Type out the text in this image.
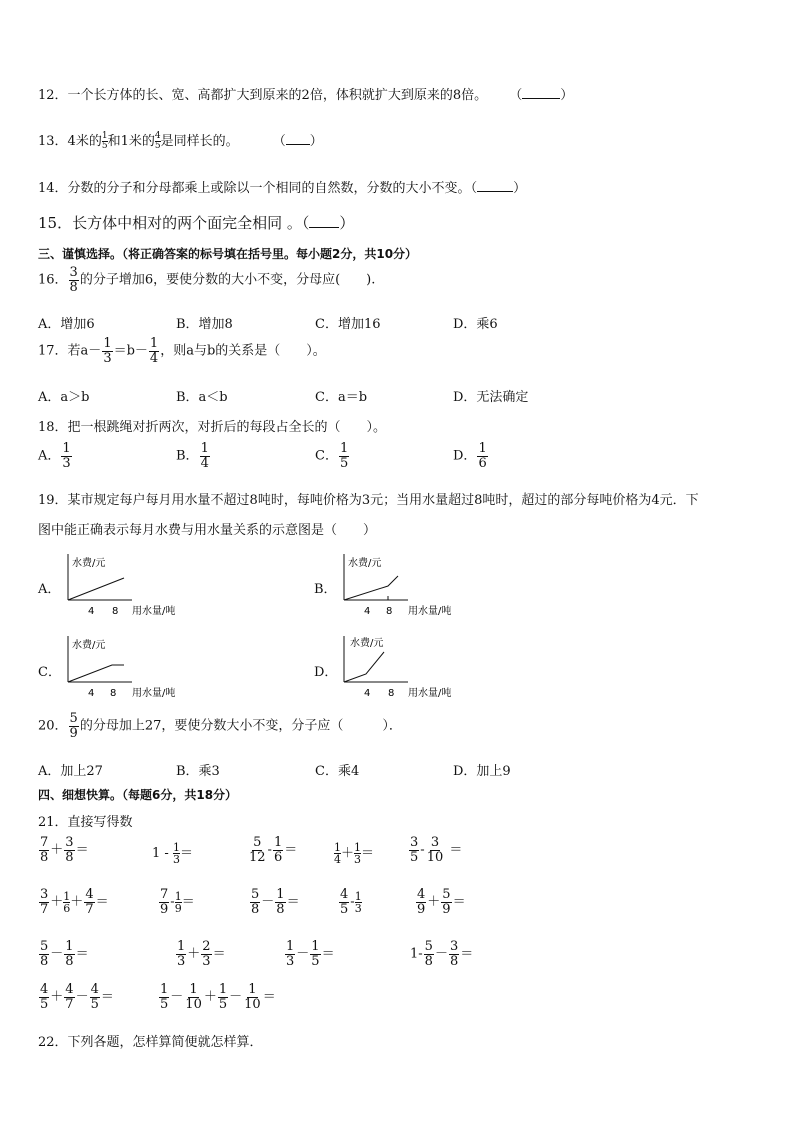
12．一个长方体的长、宽、高都扩大到原来的2倍，体积就扩大到原来的8倍。 （	）
13．4米的 $\frac{1}{5}$ 和1米的 $\frac{4}{5}$ 是同样长的。	（ ）
14．分数的分子和分母都乘上或除以一个相同的自然数，分数的大小不变。（	）
15．长方体中相对的两个面完全相同 。（ ）
三、谨慎选择。（将正确答案的标号填在括号里。每小题2分，共10分）
16． $\frac{3}{8}$ 的分子增加6，要使分数的大小不变，分母应(　　).
A．增加6	B．增加8	C．增加16	D．乘6
17．若$a- \frac{1}{3} =b- \frac{1}{4}$ ，则a与b的关系是（　　）。
A．a＞b	B．a＜b	C．a＝b	D．无法确定
18．把一根跳绳对折两次，对折后的每段占全长的（　　）。
A． $\frac{1}{3}$	B． $\frac{1}{4}$	C． $\frac{1}{5}$	D． $\frac{1}{6}$
19．某市规定每户每月用水量不超过8吨时，每吨价格为3元；当用水量超过8吨时，超过的部分每吨价格为4元．下
图中能正确表示每月水费与用水量关系的示意图是（　　）
A．
水费/元
4 8 用水量/吨
B．
水费/元
4 8 用水量/吨
C．
水费/元
4 8 用水量/吨
D．
水费/元
4 8 用水量/吨
20． $\frac{5}{9}$ 的分母加上27，要使分数大小不变，分子应（　　　）．
A．加上27	B．乘3	C．乘4	D．加上9
四、细想快算。（每题6分，共18分）
21．直接写得数
$\frac{7}{8} + \frac{3}{8}$ ＝	$1 - \frac{1}{3}$ ＝	$\frac{5}{12} - \frac{1}{6}$ ＝	$\frac{1}{4} + \frac{1}{3}$ ＝	$\frac{3}{5} - \frac{3}{10}$ ＝
$\frac{3}{7} + \frac{1}{6} + \frac{4}{7}$ ＝	$\frac{7}{9} - \frac{1}{9}$ ＝	$\frac{5}{8} - \frac{1}{8}$ ＝	$\frac{4}{5} - \frac{1}{3}$	$\frac{4}{9} + \frac{5}{9}$ ＝
$\frac{5}{8} - \frac{1}{8}$ ＝	$\frac{1}{3} + \frac{2}{3}$ ＝	$\frac{1}{3} - \frac{1}{5}$ ＝	$1- \frac{5}{8} - \frac{3}{8}$ ＝
$\frac{4}{5} + \frac{4}{7} - \frac{4}{5}$ ＝	$\frac{1}{5} - \frac{1}{10} + \frac{1}{5} - \frac{1}{10}$ ＝
22．下列各题，怎样算简便就怎样算．
